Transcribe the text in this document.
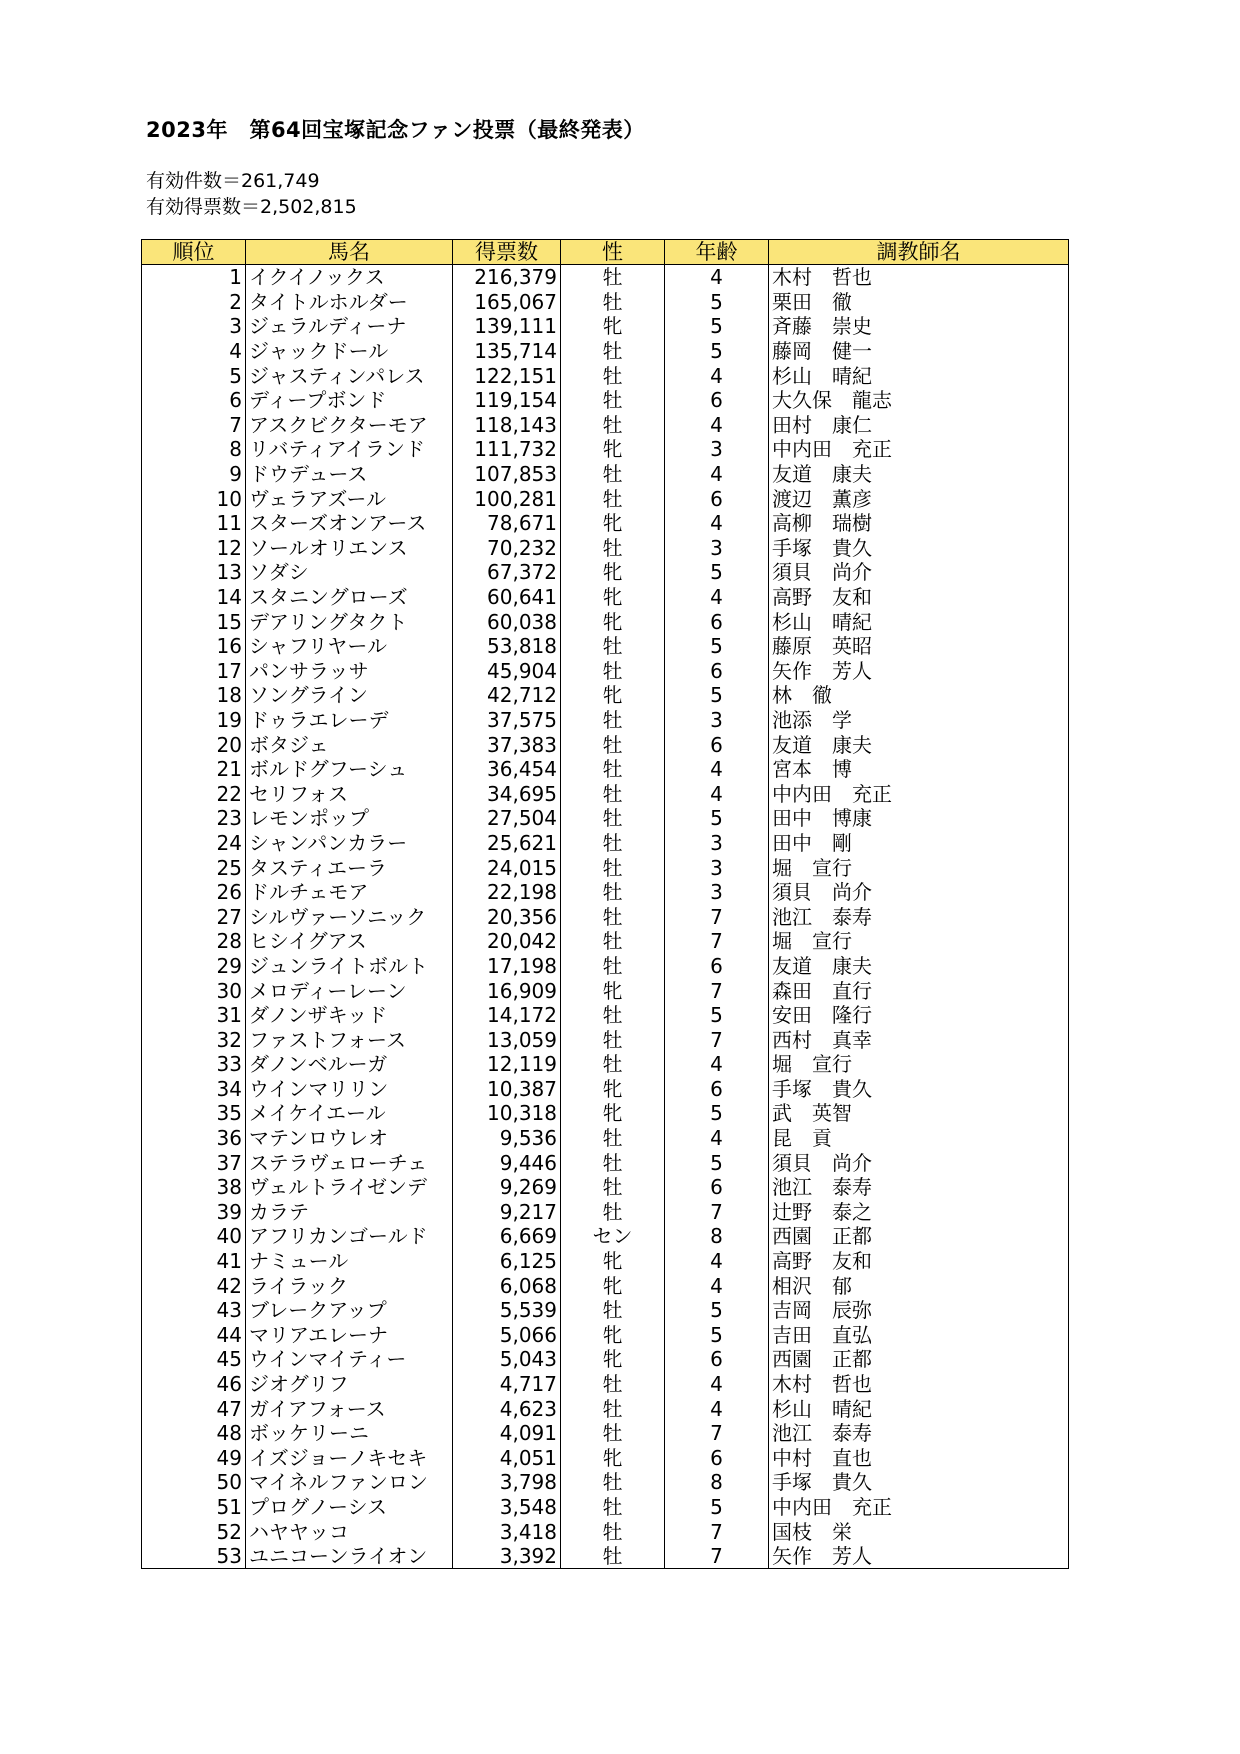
2023年　第64回宝塚記念ファン投票（最終発表）
有効件数＝261,749
有効得票数＝2,502,815
順位	馬名	得票数	性	年齢	調教師名
1	イクイノックス	216,379	牡	4	木村　哲也
2	タイトルホルダー	165,067	牡	5	栗田　徹
3	ジェラルディーナ	139,111	牝	5	斉藤　崇史
4	ジャックドール	135,714	牡	5	藤岡　健一
5	ジャスティンパレス	122,151	牡	4	杉山　晴紀
6	ディープボンド	119,154	牡	6	大久保　龍志
7	アスクビクターモア	118,143	牡	4	田村　康仁
8	リバティアイランド	111,732	牝	3	中内田　充正
9	ドウデュース	107,853	牡	4	友道　康夫
10	ヴェラアズール	100,281	牡	6	渡辺　薫彦
11	スターズオンアース	78,671	牝	4	高柳　瑞樹
12	ソールオリエンス	70,232	牡	3	手塚　貴久
13	ソダシ	67,372	牝	5	須貝　尚介
14	スタニングローズ	60,641	牝	4	高野　友和
15	デアリングタクト	60,038	牝	6	杉山　晴紀
16	シャフリヤール	53,818	牡	5	藤原　英昭
17	パンサラッサ	45,904	牡	6	矢作　芳人
18	ソングライン	42,712	牝	5	林　徹
19	ドゥラエレーデ	37,575	牡	3	池添　学
20	ボタジェ	37,383	牡	6	友道　康夫
21	ボルドグフーシュ	36,454	牡	4	宮本　博
22	セリフォス	34,695	牡	4	中内田　充正
23	レモンポップ	27,504	牡	5	田中　博康
24	シャンパンカラー	25,621	牡	3	田中　剛
25	タスティエーラ	24,015	牡	3	堀　宣行
26	ドルチェモア	22,198	牡	3	須貝　尚介
27	シルヴァーソニック	20,356	牡	7	池江　泰寿
28	ヒシイグアス	20,042	牡	7	堀　宣行
29	ジュンライトボルト	17,198	牡	6	友道　康夫
30	メロディーレーン	16,909	牝	7	森田　直行
31	ダノンザキッド	14,172	牡	5	安田　隆行
32	ファストフォース	13,059	牡	7	西村　真幸
33	ダノンベルーガ	12,119	牡	4	堀　宣行
34	ウインマリリン	10,387	牝	6	手塚　貴久
35	メイケイエール	10,318	牝	5	武　英智
36	マテンロウレオ	9,536	牡	4	昆　貢
37	ステラヴェローチェ	9,446	牡	5	須貝　尚介
38	ヴェルトライゼンデ	9,269	牡	6	池江　泰寿
39	カラテ	9,217	牡	7	辻野　泰之
40	アフリカンゴールド	6,669	セン	8	西園　正都
41	ナミュール	6,125	牝	4	高野　友和
42	ライラック	6,068	牝	4	相沢　郁
43	ブレークアップ	5,539	牡	5	吉岡　辰弥
44	マリアエレーナ	5,066	牝	5	吉田　直弘
45	ウインマイティー	5,043	牝	6	西園　正都
46	ジオグリフ	4,717	牡	4	木村　哲也
47	ガイアフォース	4,623	牡	4	杉山　晴紀
48	ボッケリーニ	4,091	牡	7	池江　泰寿
49	イズジョーノキセキ	4,051	牝	6	中村　直也
50	マイネルファンロン	3,798	牡	8	手塚　貴久
51	プログノーシス	3,548	牡	5	中内田　充正
52	ハヤヤッコ	3,418	牡	7	国枝　栄
53	ユニコーンライオン	3,392	牡	7	矢作　芳人
